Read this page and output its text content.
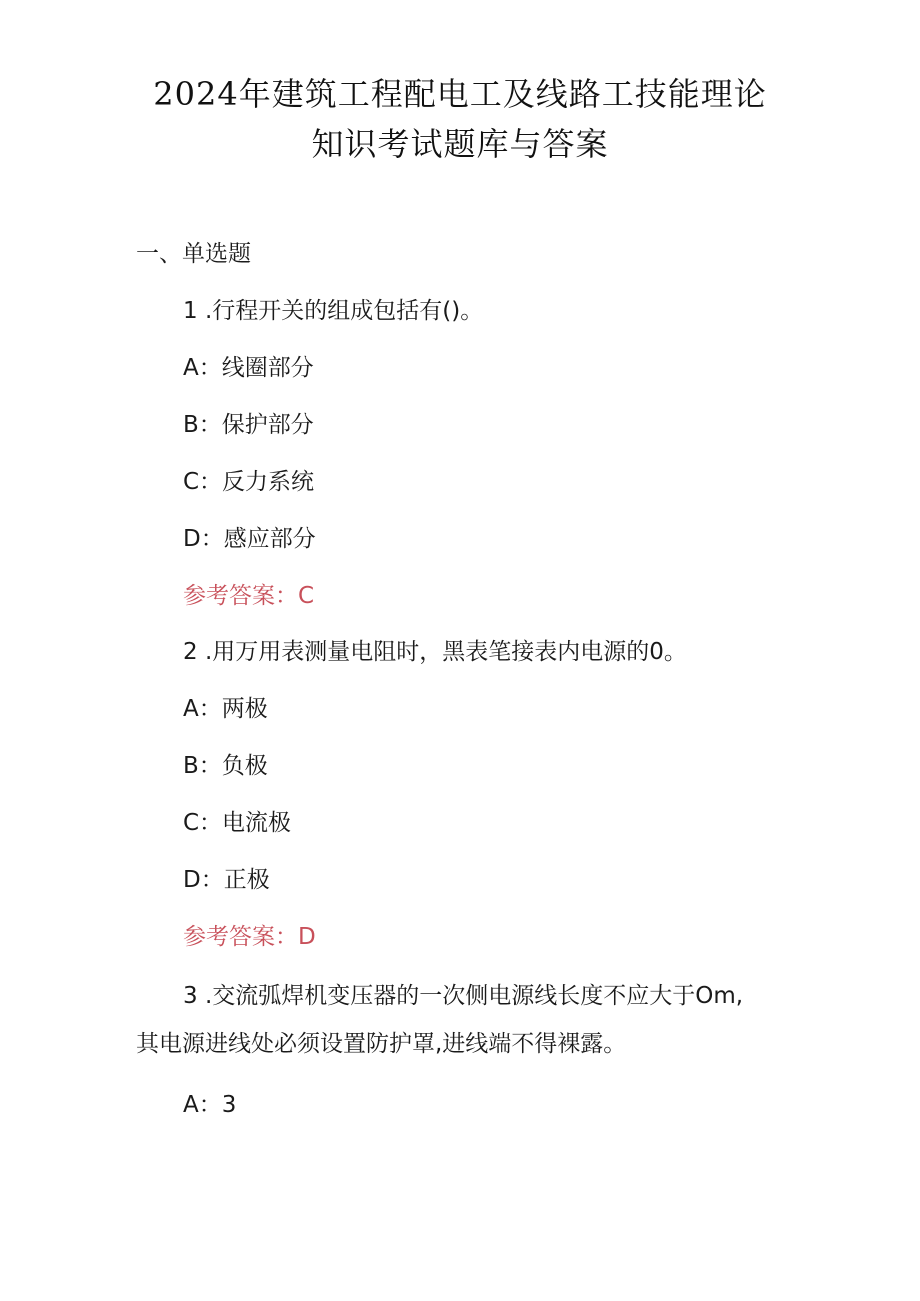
2024年建筑工程配电工及线路工技能理论
知识考试题库与答案
一、单选题
1 .行程开关的组成包括有()。
A：线圈部分
B：保护部分
C：反力系统
D：感应部分
参考答案：C
2 .用万用表测量电阻时，黑表笔接表内电源的0。
A：两极
B：负极
C：电流极
D：正极
参考答案：D
3 .交流弧焊机变压器的一次侧电源线长度不应大于Om,
其电源进线处必须设置防护罩,进线端不得裸露。
A：3
